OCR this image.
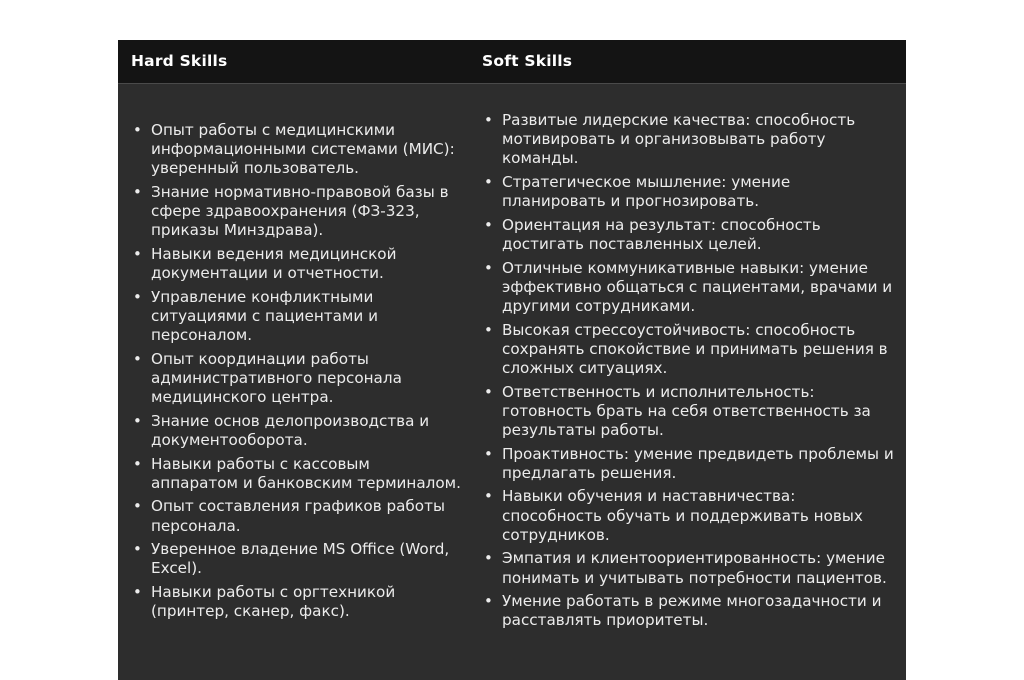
Hard Skills	Soft Skills
• Опыт работы с медицинскими информационными системами (МИС): уверенный пользователь.
• Знание нормативно-правовой базы в сфере здравоохранения (ФЗ-323, приказы Минздрава).
• Навыки ведения медицинской документации и отчетности.
• Управление конфликтными ситуациями с пациентами и персоналом.
• Опыт координации работы административного персонала медицинского центра.
• Знание основ делопроизводства и документооборота.
• Навыки работы с кассовым аппаратом и банковским терминалом.
• Опыт составления графиков работы персонала.
• Уверенное владение MS Office (Word, Excel).
• Навыки работы с оргтехникой (принтер, сканер, факс).
• Развитые лидерские качества: способность мотивировать и организовывать работу команды.
• Стратегическое мышление: умение планировать и прогнозировать.
• Ориентация на результат: способность достигать поставленных целей.
• Отличные коммуникативные навыки: умение эффективно общаться с пациентами, врачами и другими сотрудниками.
• Высокая стрессоустойчивость: способность сохранять спокойствие и принимать решения в сложных ситуациях.
• Ответственность и исполнительность: готовность брать на себя ответственность за результаты работы.
• Проактивность: умение предвидеть проблемы и предлагать решения.
• Навыки обучения и наставничества: способность обучать и поддерживать новых сотрудников.
• Эмпатия и клиентоориентированность: умение понимать и учитывать потребности пациентов.
• Умение работать в режиме многозадачности и расставлять приоритеты.
